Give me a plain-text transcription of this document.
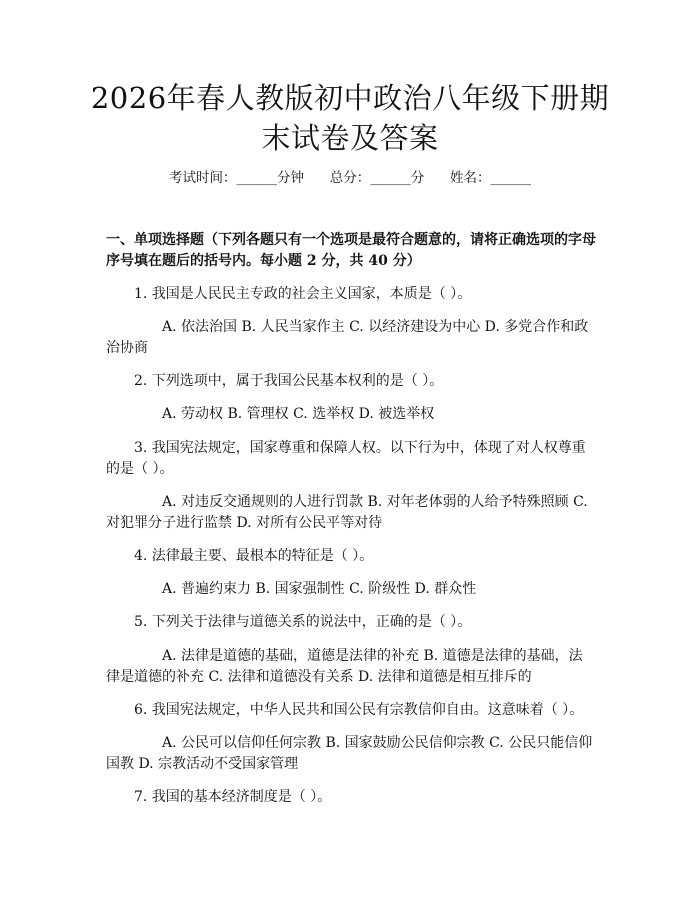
2026年春人教版初中政治八年级下册期末试卷及答案
考试时间：______分钟      总分：______分      姓名：______
一、单项选择题（下列各题只有一个选项是最符合题意的，请将正确选项的字母序号填在题后的括号内。每小题 2 分，共 40 分）
1. 我国是人民民主专政的社会主义国家，本质是（ ）。
A. 依法治国 B. 人民当家作主 C. 以经济建设为中心 D. 多党合作和政治协商
2. 下列选项中，属于我国公民基本权利的是（ ）。
A. 劳动权 B. 管理权 C. 选举权 D. 被选举权
3. 我国宪法规定，国家尊重和保障人权。以下行为中，体现了对人权尊重的是（ ）。
A. 对违反交通规则的人进行罚款 B. 对年老体弱的人给予特殊照顾 C. 对犯罪分子进行监禁 D. 对所有公民平等对待
4. 法律最主要、最根本的特征是（ ）。
A. 普遍约束力 B. 国家强制性 C. 阶级性 D. 群众性
5. 下列关于法律与道德关系的说法中，正确的是（ ）。
A. 法律是道德的基础，道德是法律的补充 B. 道德是法律的基础，法律是道德的补充 C. 法律和道德没有关系 D. 法律和道德是相互排斥的
6. 我国宪法规定，中华人民共和国公民有宗教信仰自由。这意味着（ ）。
A. 公民可以信仰任何宗教 B. 国家鼓励公民信仰宗教 C. 公民只能信仰国教 D. 宗教活动不受国家管理
7. 我国的基本经济制度是（ ）。
